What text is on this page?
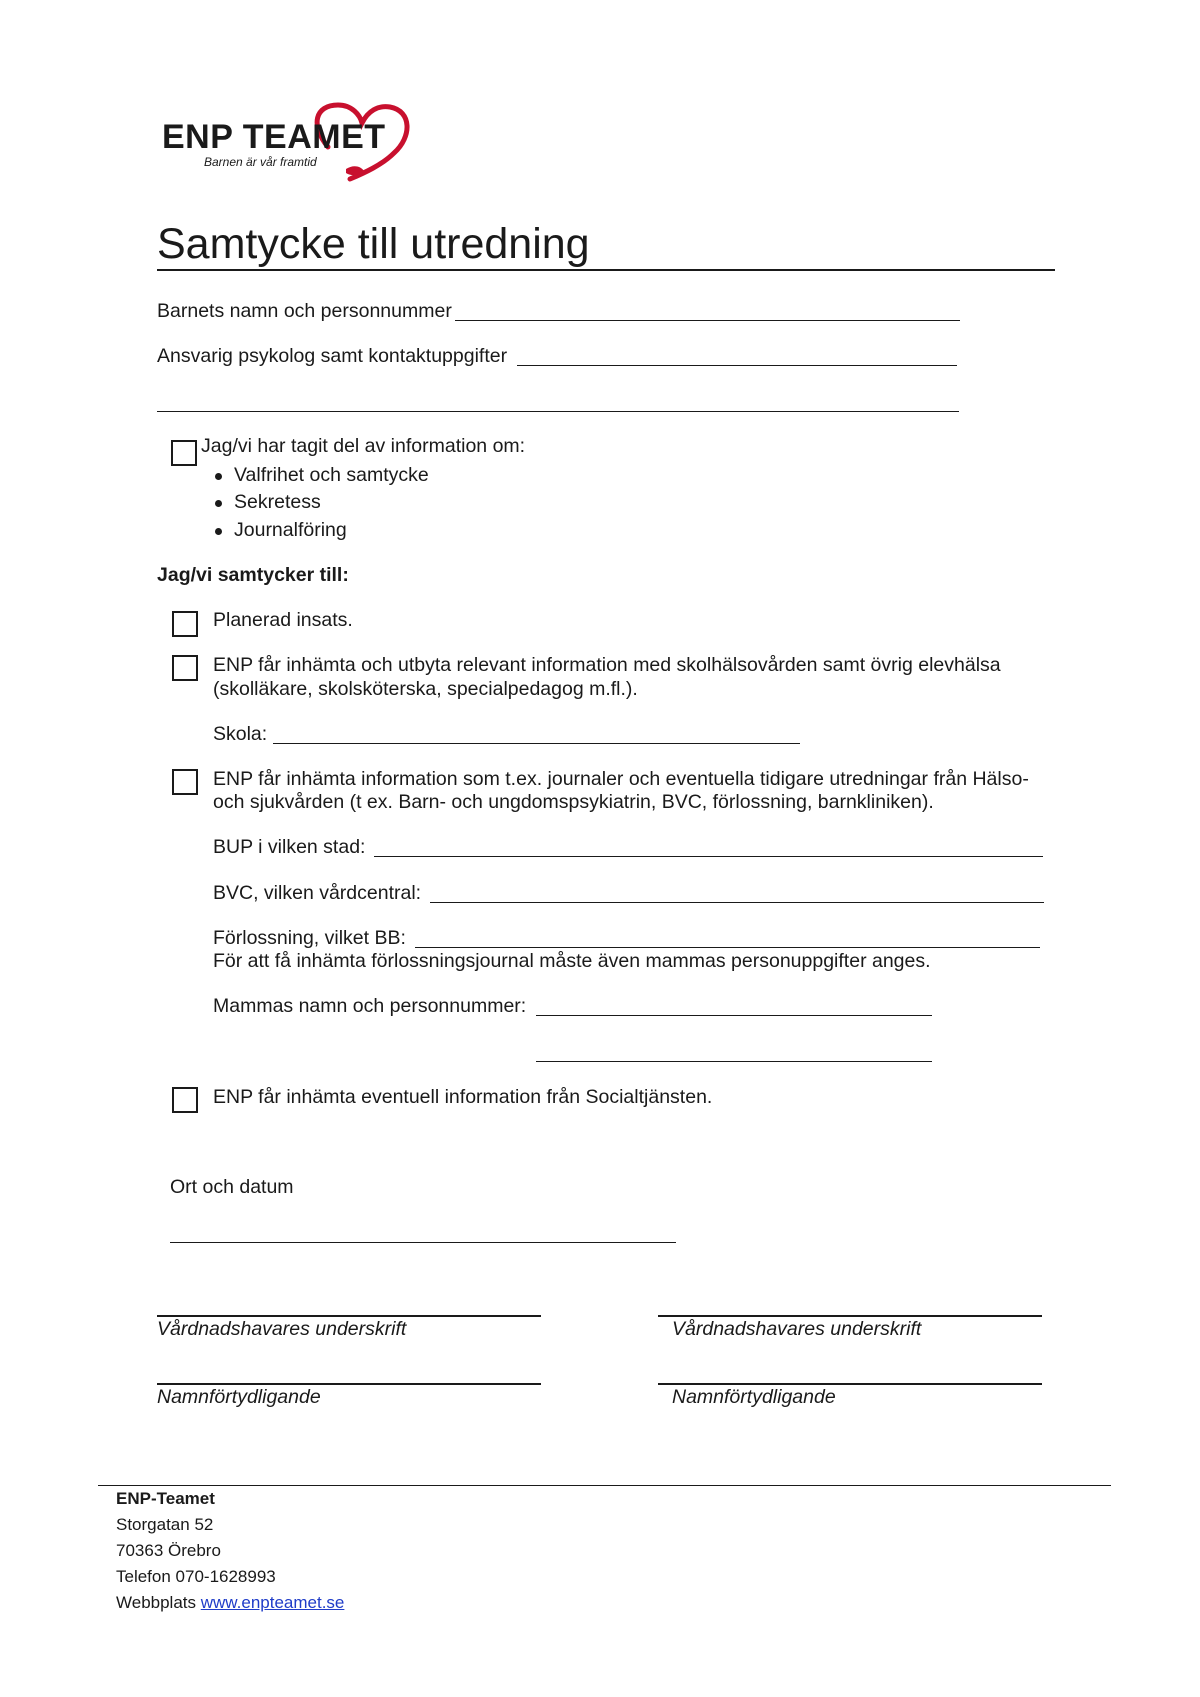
ENP TEAMET
Barnen är vår framtid
Samtycke till utredning
Barnets namn och personnummer
Ansvarig psykolog samt kontaktuppgifter
Jag/vi har tagit del av information om:
Valfrihet och samtycke
Sekretess
Journalföring
Jag/vi samtycker till:
Planerad insats.
ENP får inhämta och utbyta relevant information med skolhälsovården samt övrig elevhälsa
(skolläkare, skolsköterska, specialpedagog m.fl.).
Skola:
ENP får inhämta information som t.ex. journaler och eventuella tidigare utredningar från Hälso-
och sjukvården (t ex. Barn- och ungdomspsykiatrin, BVC, förlossning, barnkliniken).
BUP i vilken stad:
BVC, vilken vårdcentral:
Förlossning, vilket BB:
För att få inhämta förlossningsjournal måste även mammas personuppgifter anges.
Mammas namn och personnummer:
ENP får inhämta eventuell information från Socialtjänsten.
Ort och datum
Vårdnadshavares underskrift	Vårdnadshavares underskrift
Namnförtydligande	Namnförtydligande
ENP-Teamet
Storgatan 52
70363 Örebro
Telefon 070-1628993
Webbplats www.enpteamet.se
